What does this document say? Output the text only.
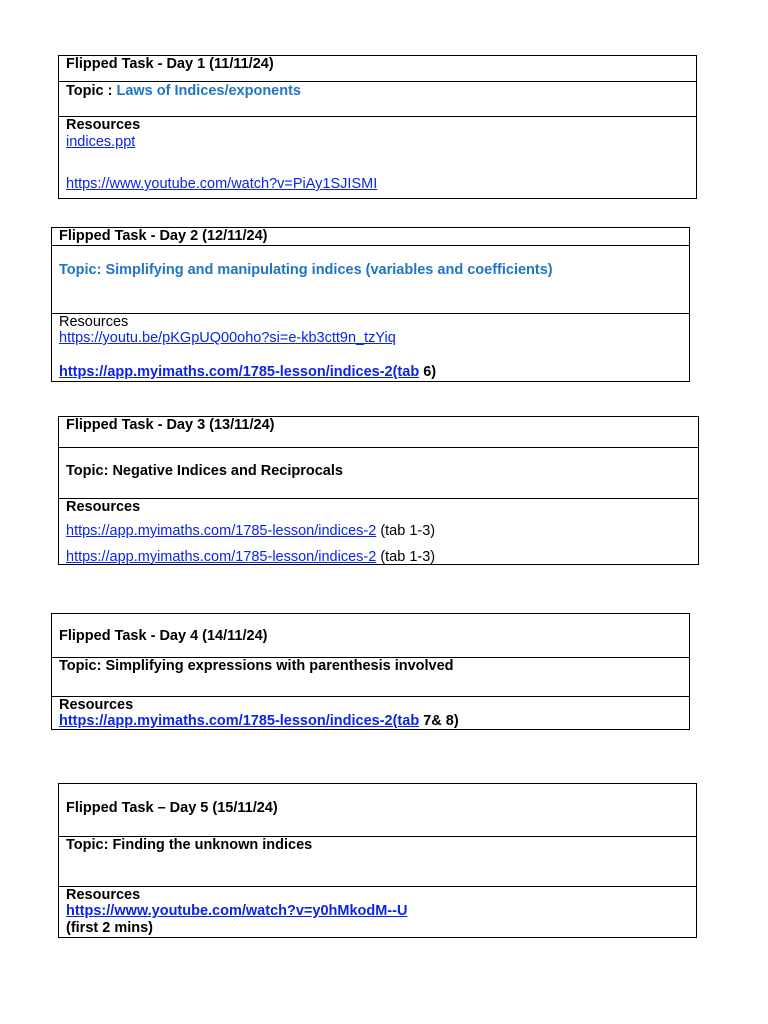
Flipped Task - Day 1 (11/11/24)
Topic : Laws of Indices/exponents
Resources
indices.ppt
https://www.youtube.com/watch?v=PiAy1SJISMI
Flipped Task - Day 2 (12/11/24)
Topic: Simplifying and manipulating indices (variables and coefficients)
Resources
https://youtu.be/pKGpUQ00oho?si=e-kb3ctt9n_tzYiq
https://app.myimaths.com/1785-lesson/indices-2(tab 6)
Flipped Task - Day 3 (13/11/24)
Topic: Negative Indices and Reciprocals
Resources
https://app.myimaths.com/1785-lesson/indices-2 (tab 1-3)
https://app.myimaths.com/1785-lesson/indices-2 (tab 1-3)
Flipped Task - Day 4 (14/11/24)
Topic: Simplifying expressions with parenthesis involved
Resources
https://app.myimaths.com/1785-lesson/indices-2(tab 7& 8)
Flipped Task – Day 5 (15/11/24)
Topic: Finding the unknown indices
Resources
https://www.youtube.com/watch?v=y0hMkodM--U
(first 2 mins)
